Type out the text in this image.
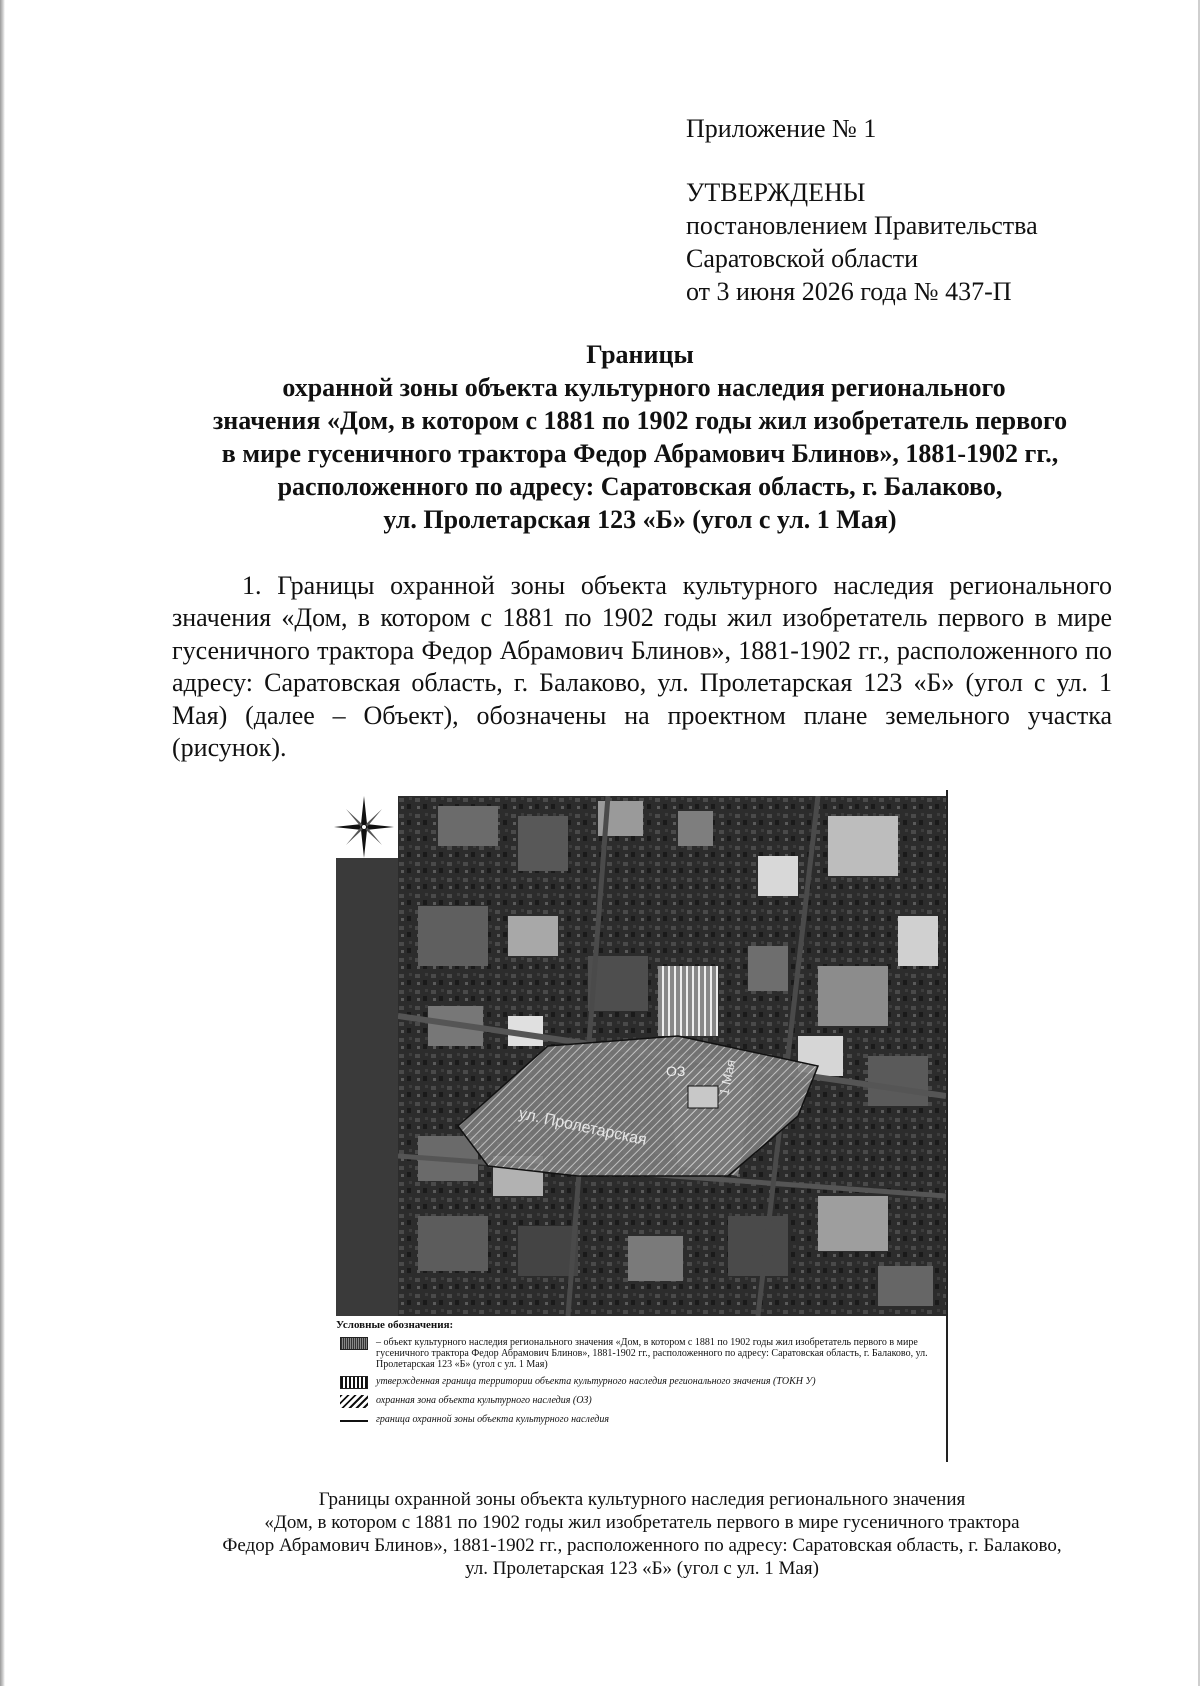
Приложение № 1
УТВЕРЖДЕНЫ
постановлением Правительства
Саратовской области
от 3 июня 2026 года № 437-П
Границы
охранной зоны объекта культурного наследия регионального
значения «Дом, в котором с 1881 по 1902 годы жил изобретатель первого
в мире гусеничного трактора Федор Абрамович Блинов», 1881-1902 гг.,
расположенного по адресу: Саратовская область, г. Балаково,
ул. Пролетарская 123 «Б» (угол с ул. 1 Мая)

1. Границы охранной зоны объекта культурного наследия регионального значения «Дом, в котором с 1881 по 1902 годы жил изобретатель первого в мире гусеничного трактора Федор Абрамович Блинов», 1881-1902 гг., расположенного по адресу: Саратовская область, г. Балаково, ул. Пролетарская 123 «Б» (угол с ул. 1 Мая) (далее – Объект), обозначены на проектном плане земельного участка (рисунок).

ул. Пролетарская
1 Мая
ОЗ
Условные обозначения:
– объект культурного наследия регионального значения «Дом, в котором с 1881 по 1902 годы жил изобретатель первого в мире гусеничного трактора Федор Абрамович Блинов», 1881-1902 гг., расположенного по адресу: Саратовская область, г. Балаково, ул. Пролетарская 123 «Б» (угол с ул. 1 Мая)
утвержденная граница территории объекта культурного наследия регионального значения (ТОКН У)
охранная зона объекта культурного наследия (ОЗ)
граница охранной зоны объекта культурного наследия
Границы охранной зоны объекта культурного наследия регионального значения
«Дом, в котором с 1881 по 1902 годы жил изобретатель первого в мире гусеничного трактора
Федор Абрамович Блинов», 1881-1902 гг., расположенного по адресу: Саратовская область, г. Балаково,
ул. Пролетарская 123 «Б» (угол с ул. 1 Мая)
